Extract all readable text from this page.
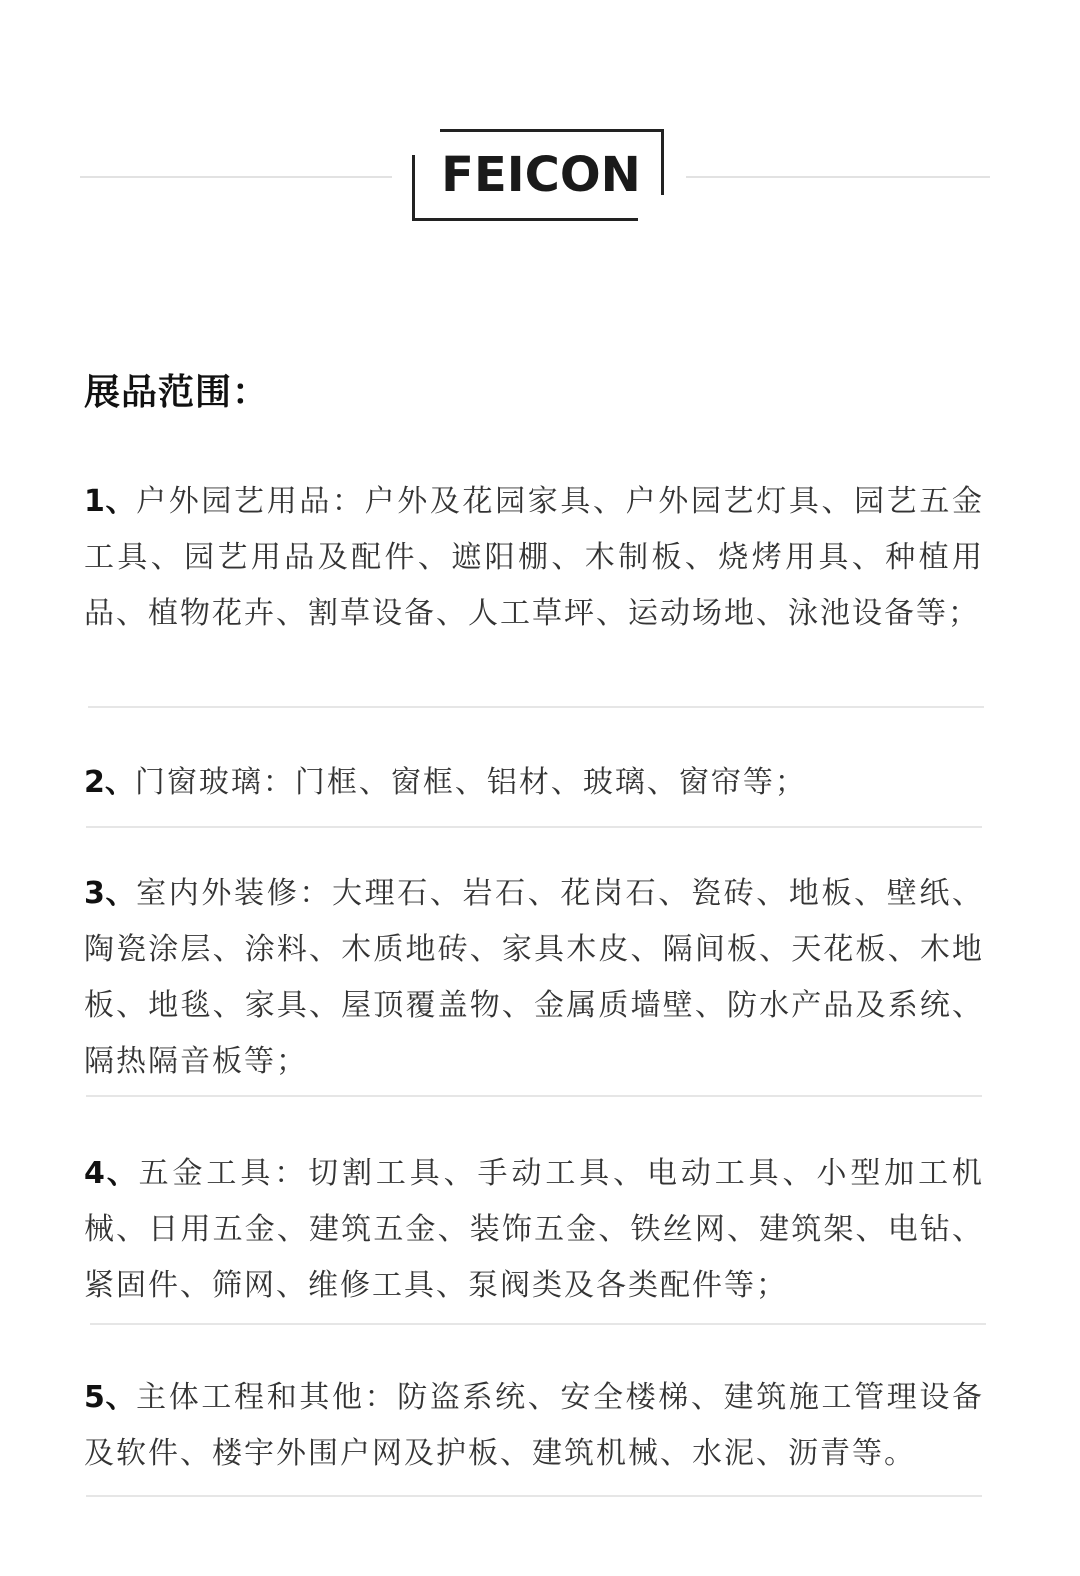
FEICON
展品范围：
1、户外园艺用品：户外及花园家具、户外园艺灯具、园艺五金工具、园艺用品及配件、遮阳棚、木制板、烧烤用具、种植用品、植物花卉、割草设备、人工草坪、运动场地、泳池设备等；
2、门窗玻璃：门框、窗框、铝材、玻璃、窗帘等；
3、室内外装修：大理石、岩石、花岗石、瓷砖、地板、壁纸、陶瓷涂层、涂料、木质地砖、家具木皮、隔间板、天花板、木地板、地毯、家具、屋顶覆盖物、金属质墙壁、防水产品及系统、隔热隔音板等；
4、五金工具：切割工具、手动工具、电动工具、小型加工机械、日用五金、建筑五金、装饰五金、铁丝网、建筑架、电钻、紧固件、筛网、维修工具、泵阀类及各类配件等；
5、主体工程和其他：防盗系统、安全楼梯、建筑施工管理设备及软件、楼宇外围户网及护板、建筑机械、水泥、沥青等。
